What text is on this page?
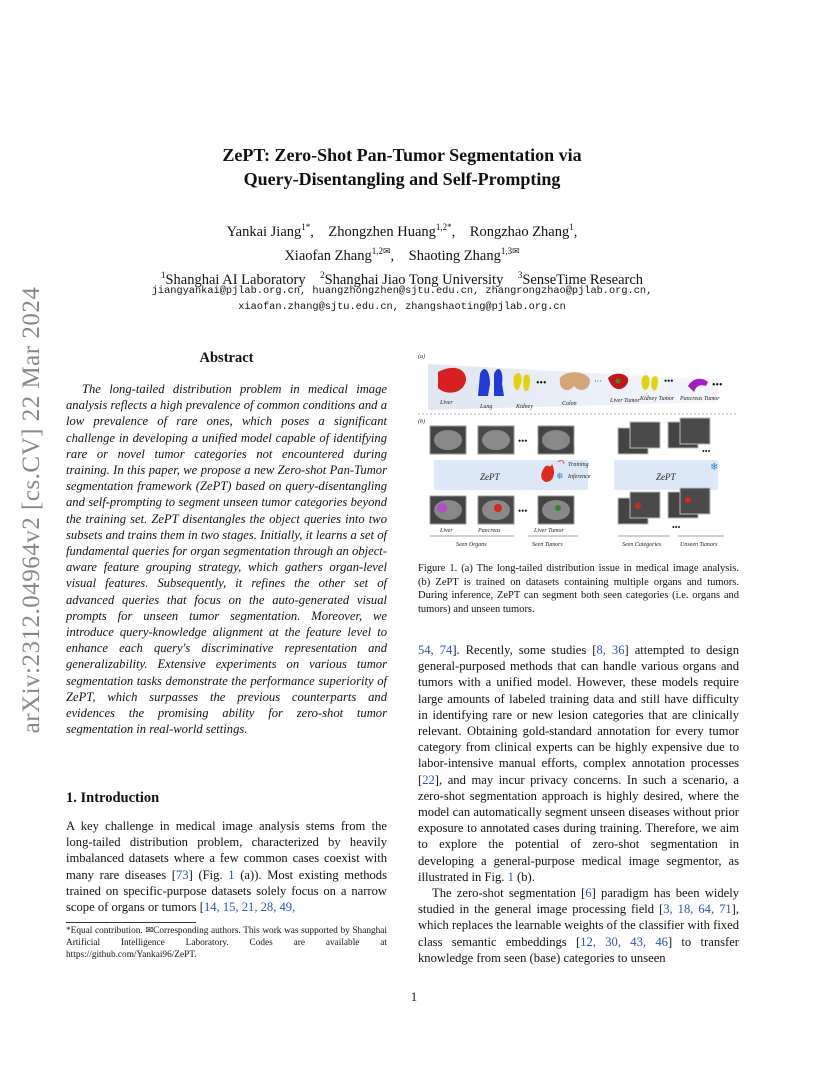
arXiv:2312.04964v2 [cs.CV] 22 Mar 2024
ZePT: Zero-Shot Pan-Tumor Segmentation via
Query-Disentangling and Self-Prompting
Yankai Jiang$^{1*}$,    Zhongzhen Huang$^{1,2*}$,    Rongzhao Zhang$^1$,
Xiaofan Zhang$^{1,2✉}$,    Shaoting Zhang$^{1,3✉}$
$^1$Shanghai AI Laboratory $^2$Shanghai Jiao Tong University $^3$SenseTime Research
jiangyankai@pjlab.org.cn, huangzhongzhen@sjtu.edu.cn, zhangrongzhao@pjlab.org.cn,
xiaofan.zhang@sjtu.edu.cn, zhangshaoting@pjlab.org.cn
Abstract

The long-tailed distribution problem in medical image analysis reflects a high prevalence of common conditions and a low prevalence of rare ones, which poses a significant challenge in developing a unified model capable of identifying rare or novel tumor categories not encountered during training. In this paper, we propose a new Zero-shot Pan-Tumor segmentation framework (ZePT) based on query-disentangling and self-prompting to segment unseen tumor categories beyond the training set. ZePT disentangles the object queries into two subsets and trains them in two stages. Initially, it learns a set of fundamental queries for organ segmentation through an object-aware feature grouping strategy, which gathers organ-level visual features. Subsequently, it refines the other set of advanced queries that focus on the auto-generated visual prompts for unseen tumor segmentation. Moreover, we introduce query-knowledge alignment at the feature level to enhance each query's discriminative representation and generalizability. Extensive experiments on various tumor segmentation tasks demonstrate the performance superiority of ZePT, which surpasses the previous counterparts and evidences the promising ability for zero-shot tumor segmentation in real-world settings.

1. Introduction

A key challenge in medical image analysis stems from the long-tailed distribution problem, characterized by heavily imbalanced datasets where a few common cases coexist with many rare diseases [73] (Fig. 1 (a)). Most existing methods trained on specific-purpose datasets solely focus on a narrow scope of organs or tumors [14, 15, 21, 28, 49,

*Equal contribution. ✉Corresponding authors. This work was supported by Shanghai Artificial Intelligence Laboratory. Codes are available at https://github.com/Yankai96/ZePT.
(a)
•••	···	•••	•••
Liver
Lung	Kidney	Colon	Liver Tumor Kidney Tumor Pancreas Tumor
(b)
•••
ZePT
Training
❄ Inference
•••
Liver	Pancreas	Liver Tumor
Seen Organs	Seen Tumors
•••
ZePT
❄
•••
Seen Categories	Unseen Tumors
Figure 1. (a) The long-tailed distribution issue in medical image analysis. (b) ZePT is trained on datasets containing multiple organs and tumors. During inference, ZePT can segment both seen categories (i.e. organs and tumors) and unseen tumors.

54, 74]. Recently, some studies [8, 36] attempted to design general-purposed methods that can handle various organs and tumors with a unified model. However, these models require large amounts of labeled training data and still have difficulty in identifying rare or new lesion categories that are clinically relevant. Obtaining gold-standard annotation for every tumor category from clinical experts can be highly expensive due to labor-intensive manual efforts, complex annotation processes [22], and may incur privacy concerns. In such a scenario, a zero-shot segmentation approach is highly desired, where the model can automatically segment unseen diseases without prior exposure to annotated cases during training. Therefore, we aim to explore the potential of zero-shot segmentation in developing a general-purpose medical image segmentor, as illustrated in Fig. 1 (b).

The zero-shot segmentation [6] paradigm has been widely studied in the general image processing field [3, 18, 64, 71], which replaces the learnable weights of the classifier with fixed class semantic embeddings [12, 30, 43, 46] to transfer knowledge from seen (base) categories to unseen

1
